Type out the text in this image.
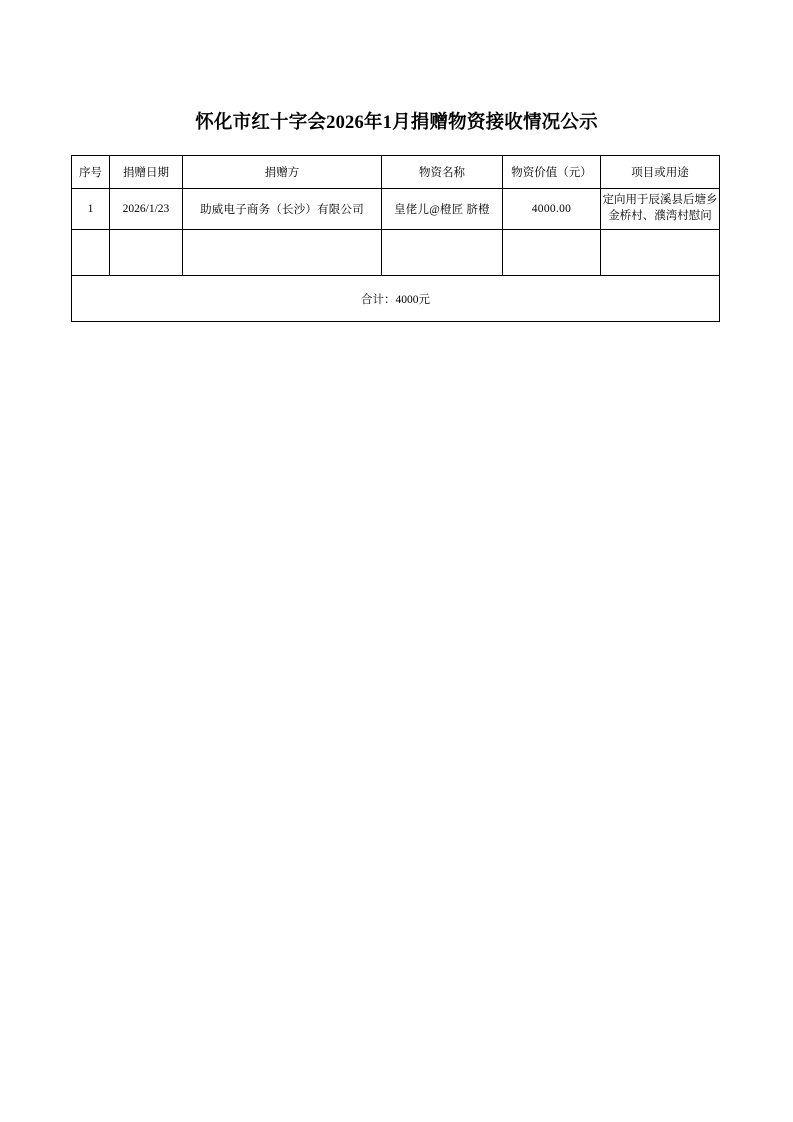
怀化市红十字会2026年1月捐赠物资接收情况公示
序号	捐赠日期	捐赠方	物资名称	物资价值（元）	项目或用途
1	2026/1/23	助威电子商务（长沙）有限公司	皇佬儿@橙匠 脐橙	4000.00	定向用于辰溪县后塘乡
金桥村、濮湾村慰问

合计：4000元					
